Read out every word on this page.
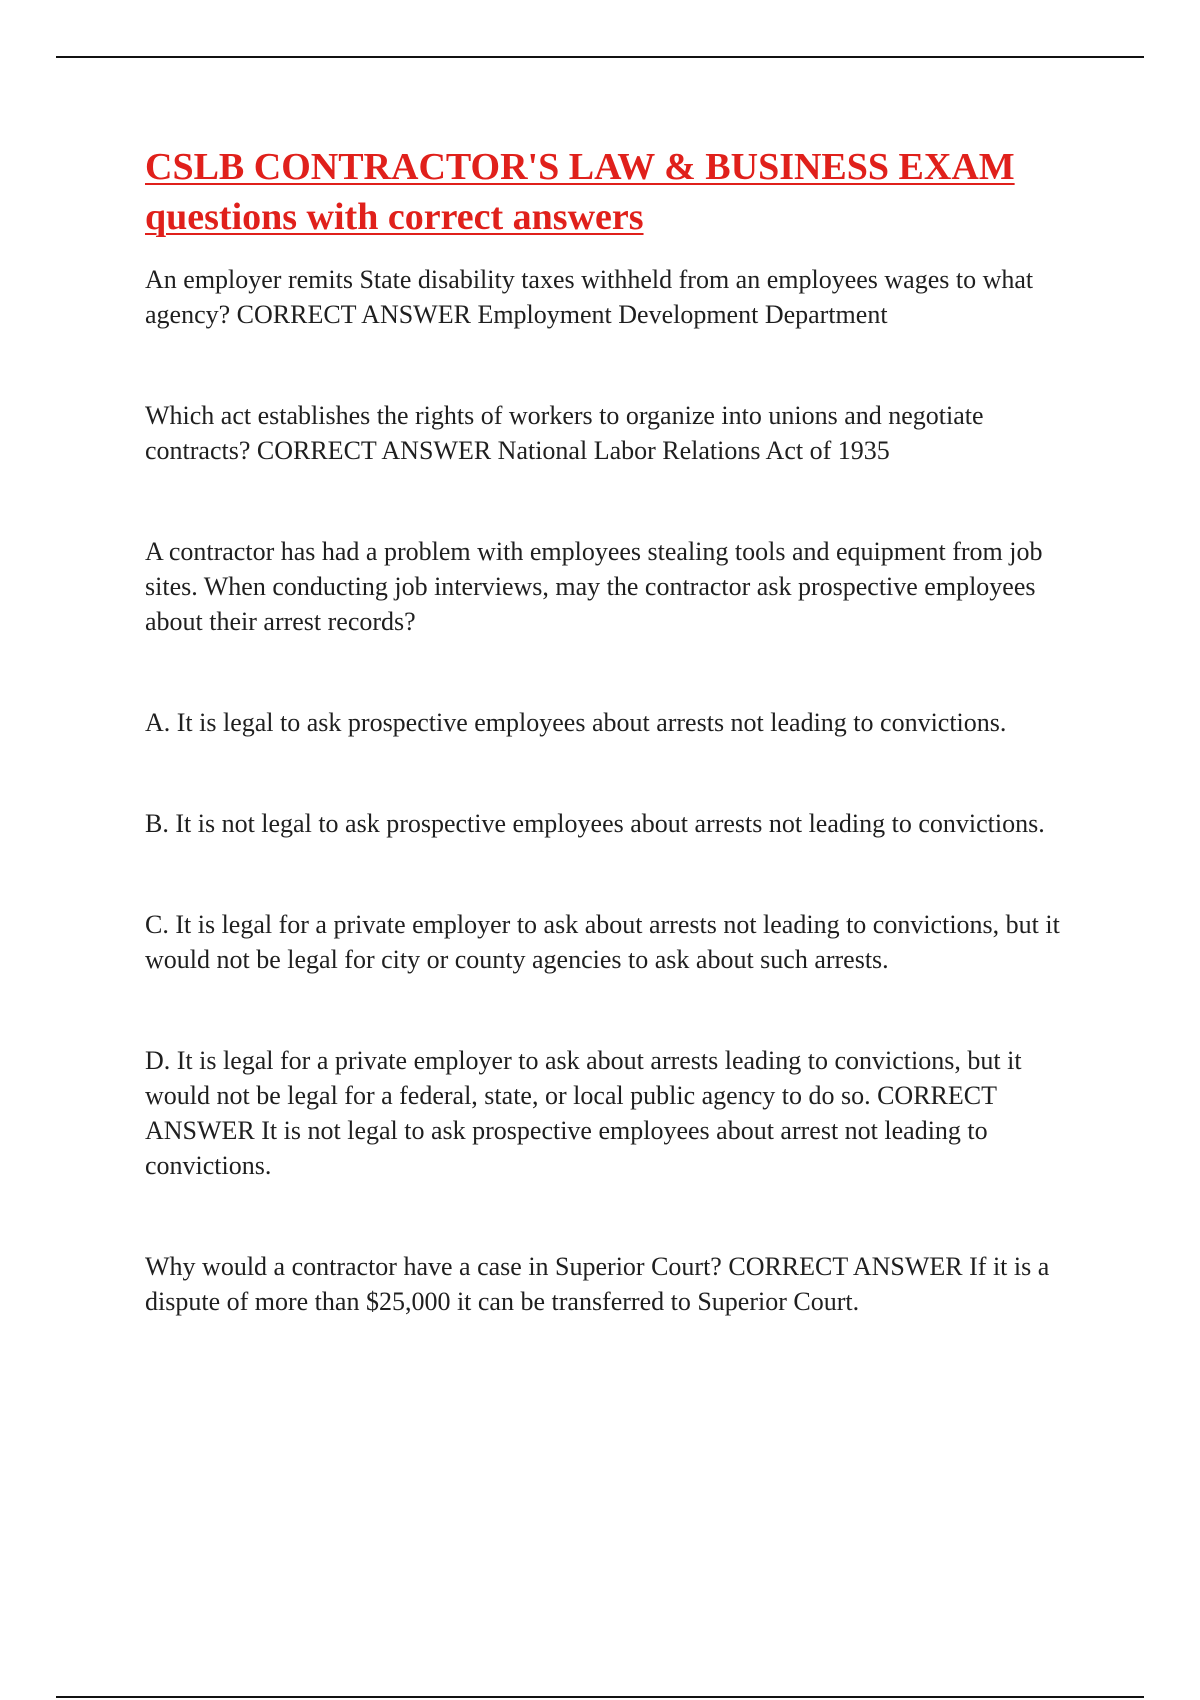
CSLB CONTRACTOR'S LAW & BUSINESS EXAM questions with correct answers

An employer remits State disability taxes withheld from an employees wages to what agency? CORRECT ANSWER Employment Development Department

Which act establishes the rights of workers to organize into unions and negotiate contracts? CORRECT ANSWER National Labor Relations Act of 1935

A contractor has had a problem with employees stealing tools and equipment from job sites. When conducting job interviews, may the contractor ask prospective employees about their arrest records?

A. It is legal to ask prospective employees about arrests not leading to convictions.

B. It is not legal to ask prospective employees about arrests not leading to convictions.

C. It is legal for a private employer to ask about arrests not leading to convictions, but it would not be legal for city or county agencies to ask about such arrests.

D. It is legal for a private employer to ask about arrests leading to convictions, but it would not be legal for a federal, state, or local public agency to do so. CORRECT ANSWER It is not legal to ask prospective employees about arrest not leading to convictions.

Why would a contractor have a case in Superior Court? CORRECT ANSWER If it is a dispute of more than $25,000 it can be transferred to Superior Court.
